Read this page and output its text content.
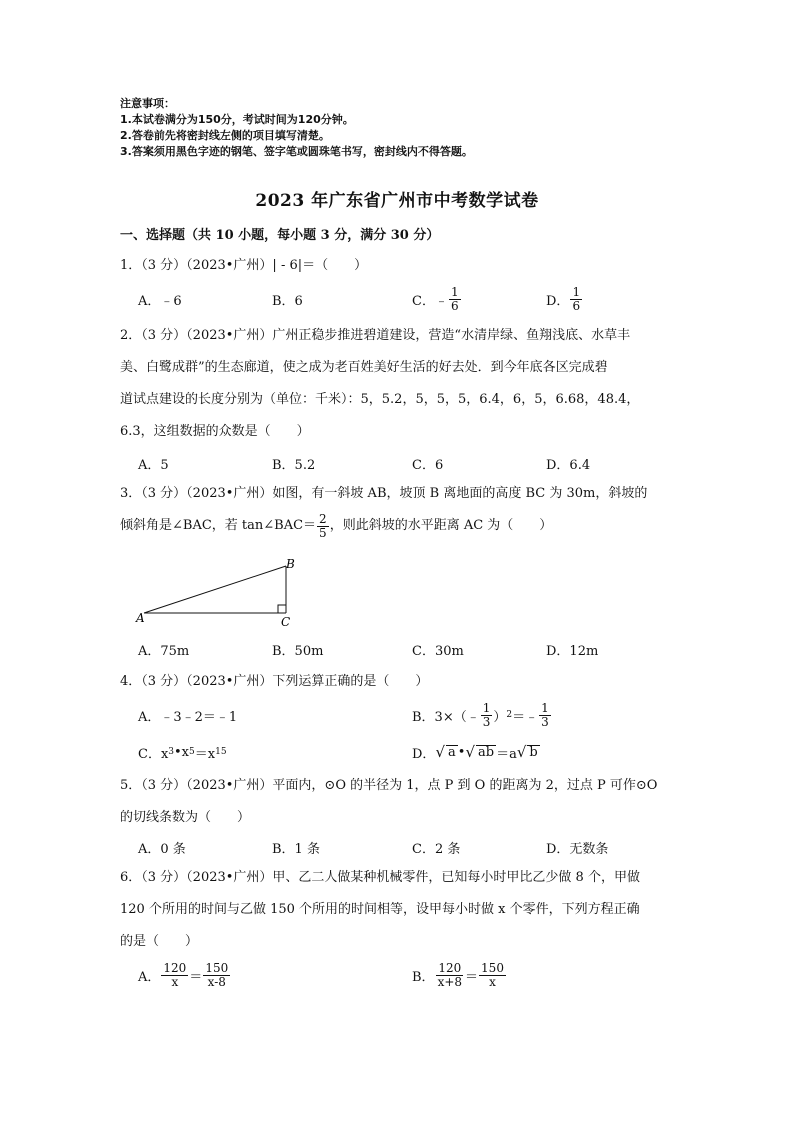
注意事项：
1.本试卷满分为150分，考试时间为120分钟。
2.答卷前先将密封线左侧的项目填写清楚。
3.答案须用黑色字迹的钢笔、签字笔或圆珠笔书写，密封线内不得答题。
2023 年广东省广州市中考数学试卷
一、选择题（共 10 小题，每小题 3 分，满分 30 分）
1．（3 分）（2023•广州）| - 6|＝（　　）
A．﹣6	B．6	C．﹣ $\frac{1}{6}$	D． $\frac{1}{6}$
2．（3 分）（2023•广州）广州正稳步推进碧道建设，营造“水清岸绿、鱼翔浅底、水草丰
美、白鹭成群”的生态廊道，使之成为老百姓美好生活的好去处．到今年底各区完成碧
道试点建设的长度分别为（单位：千米）：5，5.2，5，5，5，6.4，6，5，6.68，48.4，
6.3，这组数据的众数是（　　）
A．5	B．5.2	C．6	D．6.4
3．（3 分）（2023•广州）如图，有一斜坡 AB，坡顶 B 离地面的高度 BC 为 30m，斜坡的
倾斜角是∠BAC，若 tan∠BAC＝ $\frac{2}{5}$ ，则此斜坡的水平距离 AC 为（　　）
A
B
C
A．75m	B．50m	C．30m	D．12m
4．（3 分）（2023•广州）下列运算正确的是（　　）
A．﹣3﹣2＝﹣1	B．3×（﹣ $\frac{1}{3}$ ） 2 ＝﹣ $\frac{1}{3}$
C．x 3 •x 5 ＝x 15	D． √ a • √ ab ＝a √ b
5．（3 分）（2023•广州）平面内，⊙O 的半径为 1，点 P 到 O 的距离为 2，过点 P 可作⊙O
的切线条数为（　　）
A．0 条	B．1 条	C．2 条	D．无数条
6．（3 分）（2023•广州）甲、乙二人做某种机械零件，已知每小时甲比乙少做 8 个，甲做
120 个所用的时间与乙做 150 个所用的时间相等，设甲每小时做 x 个零件，下列方程正确
的是（　　）
A． $\frac{120}{x} = \frac{150}{x-8}$	B． $\frac{120}{x+8} = \frac{150}{x}$
